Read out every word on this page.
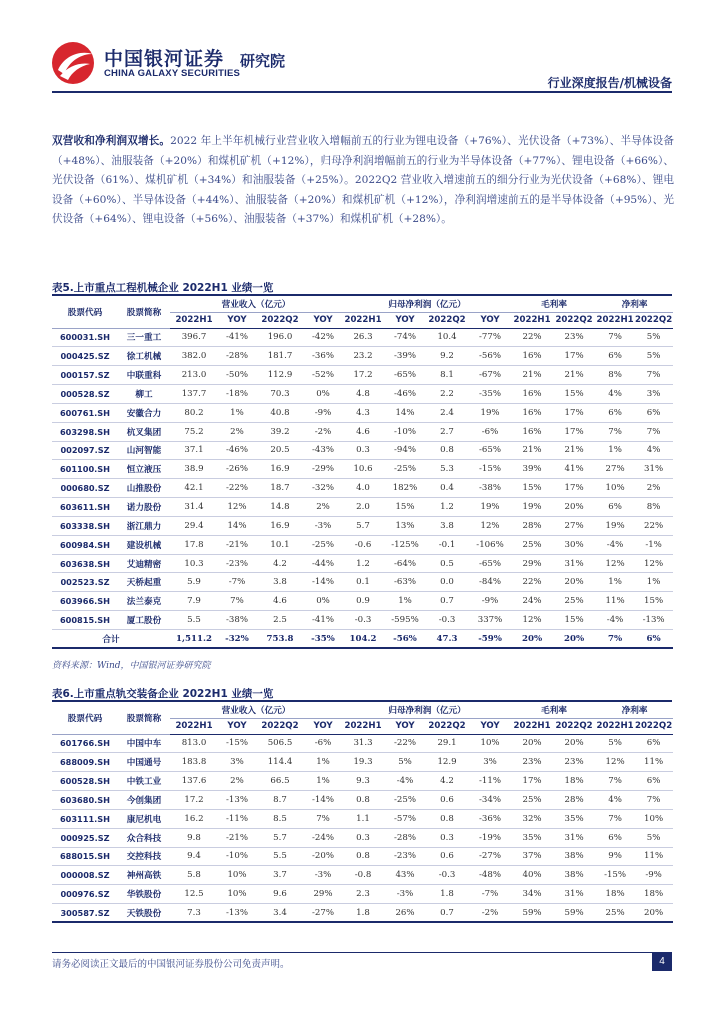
中国银河证券
CHINA GALAXY SECURITIES
研究院
行业深度报告/机械设备

双营收和净利润双增长。2022 年上半年机械行业营业收入增幅前五的行业为锂电设备（+76%）、光伏设备（+73%）、半导体设备（+48%）、油服装备（+20%）和煤机矿机（+12%），归母净利润增幅前五的行业为半导体设备（+77%）、锂电设备（+66%）、光伏设备（61%）、煤机矿机（+34%）和油服装备（+25%）。2022Q2 营业收入增速前五的细分行业为光伏设备（+68%）、锂电设备（+60%）、半导体设备（+44%）、油服装备（+20%）和煤机矿机（+12%），净利润增速前五的是半导体设备（+95%）、光伏设备（+64%）、锂电设备（+56%）、油服装备（+37%）和煤机矿机（+28%）。

表5.上市重点工程机械企业 2022H1 业绩一览
股票代码	股票简称	营业收入（亿元）				归母净利润（亿元）				毛利率		净利率	
		2022H1	YOY	2022Q2	YOY	2022H1	YOY	2022Q2	YOY	2022H1	2022Q2	2022H1	2022Q2
600031.SH	三一重工	396.7	-41%	196.0	-42%	26.3	-74%	10.4	-77%	22%	23%	7%	5%
000425.SZ	徐工机械	382.0	-28%	181.7	-36%	23.2	-39%	9.2	-56%	16%	17%	6%	5%
000157.SZ	中联重科	213.0	-50%	112.9	-52%	17.2	-65%	8.1	-67%	21%	21%	8%	7%
000528.SZ	柳工	137.7	-18%	70.3	0%	4.8	-46%	2.2	-35%	16%	15%	4%	3%
600761.SH	安徽合力	80.2	1%	40.8	-9%	4.3	14%	2.4	19%	16%	17%	6%	6%
603298.SH	杭叉集团	75.2	2%	39.2	-2%	4.6	-10%	2.7	-6%	16%	17%	7%	7%
002097.SZ	山河智能	37.1	-46%	20.5	-43%	0.3	-94%	0.8	-65%	21%	21%	1%	4%
601100.SH	恒立液压	38.9	-26%	16.9	-29%	10.6	-25%	5.3	-15%	39%	41%	27%	31%
000680.SZ	山推股份	42.1	-22%	18.7	-32%	4.0	182%	0.4	-38%	15%	17%	10%	2%
603611.SH	诺力股份	31.4	12%	14.8	2%	2.0	15%	1.2	19%	19%	20%	6%	8%
603338.SH	浙江鼎力	29.4	14%	16.9	-3%	5.7	13%	3.8	12%	28%	27%	19%	22%
600984.SH	建设机械	17.8	-21%	10.1	-25%	-0.6	-125%	-0.1	-106%	25%	30%	-4%	-1%
603638.SH	艾迪精密	10.3	-23%	4.2	-44%	1.2	-64%	0.5	-65%	29%	31%	12%	12%
002523.SZ	天桥起重	5.9	-7%	3.8	-14%	0.1	-63%	0.0	-84%	22%	20%	1%	1%
603966.SH	法兰泰克	7.9	7%	4.6	0%	0.9	1%	0.7	-9%	24%	25%	11%	15%
600815.SH	厦工股份	5.5	-38%	2.5	-41%	-0.3	-595%	-0.3	337%	12%	15%	-4%	-13%
合计		1,511.2	-32%	753.8	-35%	104.2	-56%	47.3	-59%	20%	20%	7%	6%
资料来源：Wind，中国银河证券研究院
表6.上市重点轨交装备企业 2022H1 业绩一览
股票代码	股票简称	营业收入（亿元）				归母净利润（亿元）				毛利率		净利率	
		2022H1	YOY	2022Q2	YOY	2022H1	YOY	2022Q2	YOY	2022H1	2022Q2	2022H1	2022Q2
601766.SH	中国中车	813.0	-15%	506.5	-6%	31.3	-22%	29.1	10%	20%	20%	5%	6%
688009.SH	中国通号	183.8	3%	114.4	1%	19.3	5%	12.9	3%	23%	23%	12%	11%
600528.SH	中铁工业	137.6	2%	66.5	1%	9.3	-4%	4.2	-11%	17%	18%	7%	6%
603680.SH	今创集团	17.2	-13%	8.7	-14%	0.8	-25%	0.6	-34%	25%	28%	4%	7%
603111.SH	康尼机电	16.2	-11%	8.5	7%	1.1	-57%	0.8	-36%	32%	35%	7%	10%
000925.SZ	众合科技	9.8	-21%	5.7	-24%	0.3	-28%	0.3	-19%	35%	31%	6%	5%
688015.SH	交控科技	9.4	-10%	5.5	-20%	0.8	-23%	0.6	-27%	37%	38%	9%	11%
000008.SZ	神州高铁	5.8	10%	3.7	-3%	-0.8	43%	-0.3	-48%	40%	38%	-15%	-9%
000976.SZ	华铁股份	12.5	10%	9.6	29%	2.3	-3%	1.8	-7%	34%	31%	18%	18%
300587.SZ	天铁股份	7.3	-13%	3.4	-27%	1.8	26%	0.7	-2%	59%	59%	25%	20%
请务必阅读正文最后的中国银河证券股份公司免责声明。	4
